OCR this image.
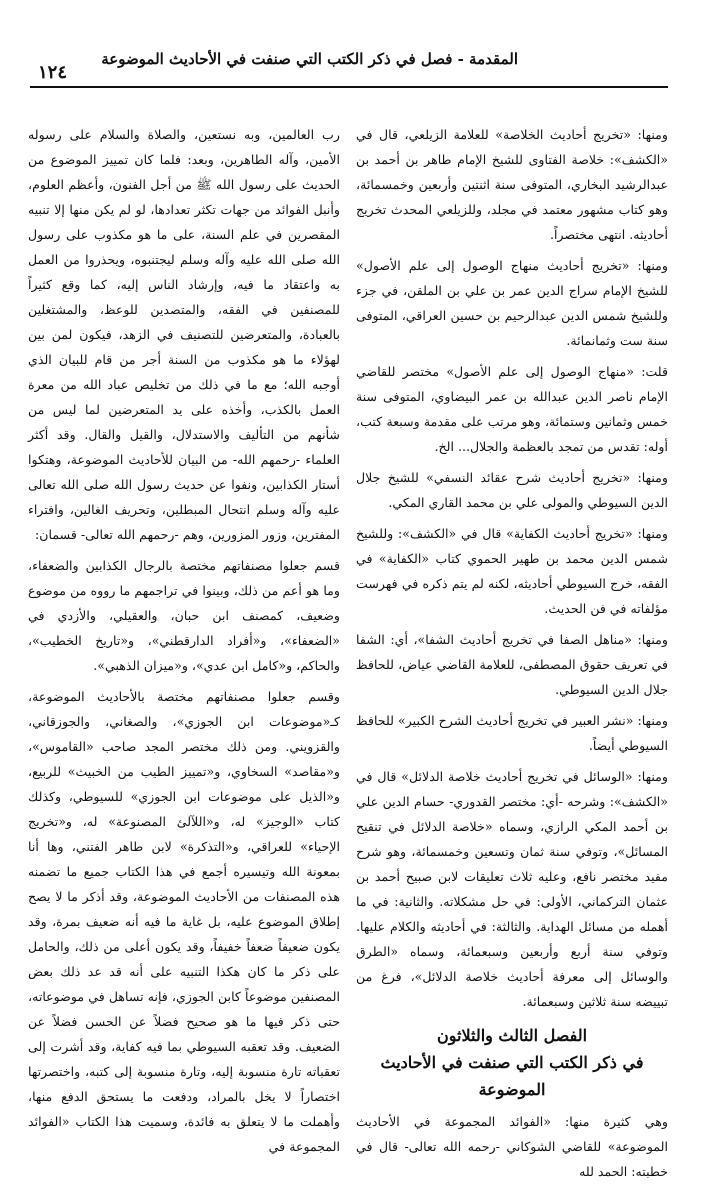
المقدمة - فصل في ذكر الكتب التي صنفت في الأحاديث الموضوعة
١٢٤

ومنها: «تخريج أحاديث الخلاصة» للعلامة الزيلعي، قال في «الكشف»: خلاصة الفتاوى للشيخ الإمام طاهر بن أحمد بن عبدالرشيد البخاري، المتوفى سنة اثنتين وأربعين وخمسمائة، وهو كتاب مشهور معتمد في مجلد، وللزيلعي المحدث تخريج أحاديثه. انتهى مختصراً.

ومنها: «تخريج أحاديث منهاج الوصول إلى علم الأصول» للشيخ الإمام سراج الدين عمر بن علي بن الملقن، في جزء وللشيخ شمس الدين عبدالرحيم بن حسين العراقي، المتوفى سنة ست وثمانمائة.

قلت: «منهاج الوصول إلى علم الأصول» مختصر للقاضي الإمام ناصر الدين عبدالله بن عمر البيضاوي، المتوفى سنة خمس وثمانين وستمائة، وهو مرتب على مقدمة وسبعة كتب، أوله: تقدس من تمجد بالعظمة والجلال... الخ.

ومنها: «تخريج أحاديث شرح عقائد النسفي» للشيخ جلال الدين السيوطي والمولى علي بن محمد القاري المكي.

ومنها: «تخريج أحاديث الكفاية» قال في «الكشف»: وللشيخ شمس الدين محمد بن طهير الحموي كتاب «الكفاية» في الفقه، خرج السيوطي أحاديثه، لكنه لم يتم ذكره في فهرست مؤلفاته في فن الحديث.

ومنها: «مناهل الصفا في تخريج أحاديث الشفا»، أي: الشفا في تعريف حقوق المصطفى، للعلامة القاضي عياض، للحافظ جلال الدين السيوطي.

ومنها: «نشر العبير في تخريج أحاديث الشرح الكبير» للحافظ السيوطي أيضاً.

ومنها: «الوسائل في تخريج أحاديث خلاصة الدلائل» قال في «الكشف»: وشرحه -أي: مختصر القدوري- حسام الدين علي بن أحمد المكي الرازي، وسماه «خلاصة الدلائل في تنقيح المسائل»، وتوفي سنة ثمان وتسعين وخمسمائة، وهو شرح مفيد مختصر نافع، وعليه ثلاث تعليقات لابن صبيح أحمد بن عثمان التركماني، الأولى: في حل مشكلاته. والثانية: في ما أهمله من مسائل الهداية. والثالثة: في أحاديثه والكلام عليها. وتوفي سنة أربع وأربعين وسبعمائة، وسماه «الطرق والوسائل إلى معرفة أحاديث خلاصة الدلائل»، فرغ من تبييضه سنة ثلاثين وسبعمائة.

الفصل الثالث والثلاثون
في ذكر الكتب التي صنفت في الأحاديث الموضوعة

وهي كثيرة منها: «الفوائد المجموعة في الأحاديث الموضوعة» للقاضي الشوكاني -رحمه الله تعالى- قال في خطبته: الحمد لله

رب العالمين، وبه نستعين، والصلاة والسلام على رسوله الأمين، وآله الطاهرين، وبعد: فلما كان تمييز الموضوع من الحديث على رسول الله ﷺ من أجل الفنون، وأعظم العلوم، وأنبل الفوائد من جهات تكثر تعدادها، لو لم يكن منها إلا تنبيه المقصرين في علم السنة، على ما هو مكذوب على رسول الله صلى الله عليه وآله وسلم ليجتنبوه، ويحذروا من العمل به واعتقاد ما فيه، وإرشاد الناس إليه، كما وقع كثيراً للمصنفين في الفقه، والمتصدين للوعظ، والمشتغلين بالعبادة، والمتعرضين للتصنيف في الزهد، فيكون لمن بين لهؤلاء ما هو مكذوب من السنة أجر من قام للبيان الذي أوجبه الله؛ مع ما في ذلك من تخليص عباد الله من معرة العمل بالكذب، وأخذه على يد المتعرضين لما ليس من شأنهم من التأليف والاستدلال، والقيل والقال. وقد أكثر العلماء -رحمهم الله- من البيان للأحاديث الموضوعة، وهتكوا أستار الكذابين، ونفوا عن حديث رسول الله صلى الله تعالى عليه وآله وسلم انتحال المبطلين، وتحريف الغالين، وافتراء المفترين، وزور المزورين، وهم -رحمهم الله تعالى- قسمان:

قسم جعلوا مصنفاتهم مختصة بالرجال الكذابين والضعفاء، وما هو أعم من ذلك، وبينوا في تراجمهم ما رووه من موضوع وضعيف، كمصنف ابن حبان، والعقيلي، والأزدي في «الضعفاء»، و«أفراد الدارقطني»، و«تاريخ الخطيب»، والحاكم، و«كامل ابن عدي»، و«ميزان الذهبي».

وقسم جعلوا مصنفاتهم مختصة بالأحاديث الموضوعة، كـ«موضوعات ابن الجوزي»، والصغاني، والجوزقاني، والقزويني. ومن ذلك مختصر المجد صاحب «القاموس»، و«مقاصد» السخاوي، و«تمييز الطيب من الخبيث» للربيع، و«الذيل على موضوعات ابن الجوزي» للسيوطي، وكذلك كتاب «الوجيز» له، و«اللآلئ المصنوعة» له، و«تخريج الإحياء» للعراقي، و«التذكرة» لابن طاهر الفتني، وها أنا بمعونة الله وتيسيره أجمع في هذا الكتاب جميع ما تضمنه هذه المصنفات من الأحاديث الموضوعة، وقد أذكر ما لا يصح إطلاق الموضوع عليه، بل غاية ما فيه أنه ضعيف بمرة، وقد يكون ضعيفاً ضعفاً خفيفاً، وقد يكون أعلى من ذلك، والحامل على ذكر ما كان هكذا التنبيه على أنه قد عد ذلك بعض المصنفين موضوعاً كابن الجوزي، فإنه تساهل في موضوعاته، حتى ذكر فيها ما هو صحيح فضلاً عن الحسن فضلاً عن الضعيف. وقد تعقبه السيوطي بما فيه كفاية، وقد أشرت إلى تعقباته تارة منسوبة إليه، وتارة منسوبة إلى كتبه، واختصرتها اختصاراً لا يخل بالمراد، ودفعت ما يستحق الدفع منها، وأهملت ما لا يتعلق به فائدة، وسميت هذا الكتاب «الفوائد المجموعة في
